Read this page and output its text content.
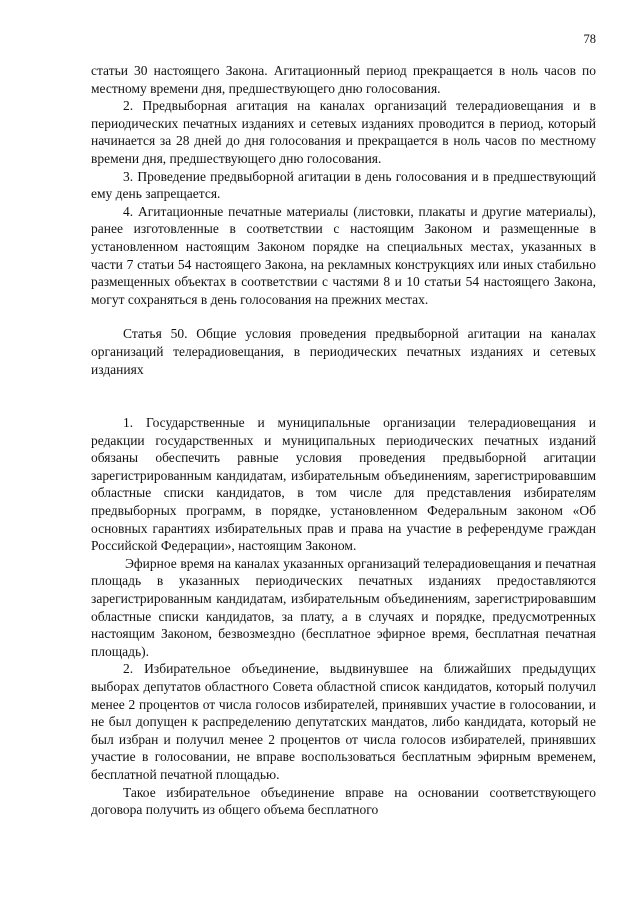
78

статьи 30 настоящего Закона. Агитационный период прекращается в ноль часов по местному времени дня, предшествующего дню голосования.

2. Предвыборная агитация на каналах организаций телерадиовещания и в периодических печатных изданиях и сетевых изданиях проводится в период, который начинается за 28 дней до дня голосования и прекращается в ноль часов по местному времени дня, предшествующего дню голосования.

3. Проведение предвыборной агитации в день голосования и в предшествующий ему день запрещается.

4. Агитационные печатные материалы (листовки, плакаты и другие материалы), ранее изготовленные в соответствии с настоящим Законом и размещенные в установленном настоящим Законом порядке на специальных местах, указанных в части 7 статьи 54 настоящего Закона, на рекламных конструкциях или иных стабильно размещенных объектах в соответствии с частями 8 и 10 статьи 54 настоящего Закона, могут сохраняться в день голосования на прежних местах.

Статья 50. Общие условия проведения предвыборной агитации на каналах организаций телерадиовещания, в периодических печатных изданиях и сетевых изданиях

1. Государственные и муниципальные организации телерадиовещания и редакции государственных и муниципальных периодических печатных изданий обязаны обеспечить равные условия проведения предвыборной агитации зарегистрированным кандидатам, избирательным объединениям, зарегистрировавшим областные списки кандидатов, в том числе для представления избирателям предвыборных программ, в порядке, установленном Федеральным законом «Об основных гарантиях избирательных прав и права на участие в референдуме граждан Российской Федерации», настоящим Законом.

Эфирное время на каналах указанных организаций телерадиовещания и печатная площадь в указанных периодических печатных изданиях предоставляются зарегистрированным кандидатам, избирательным объединениям, зарегистрировавшим областные списки кандидатов, за плату, а в случаях и порядке, предусмотренных настоящим Законом, безвозмездно (бесплатное эфирное время, бесплатная печатная площадь).

2. Избирательное объединение, выдвинувшее на ближайших предыдущих выборах депутатов областного Совета областной список кандидатов, который получил менее 2 процентов от числа голосов избирателей, принявших участие в голосовании, и не был допущен к распределению депутатских мандатов, либо кандидата, который не был избран и получил менее 2 процентов от числа голосов избирателей, принявших участие в голосовании, не вправе воспользоваться бесплатным эфирным временем, бесплатной печатной площадью.

Такое избирательное объединение вправе на основании соответствующего договора получить из общего объема бесплатного
